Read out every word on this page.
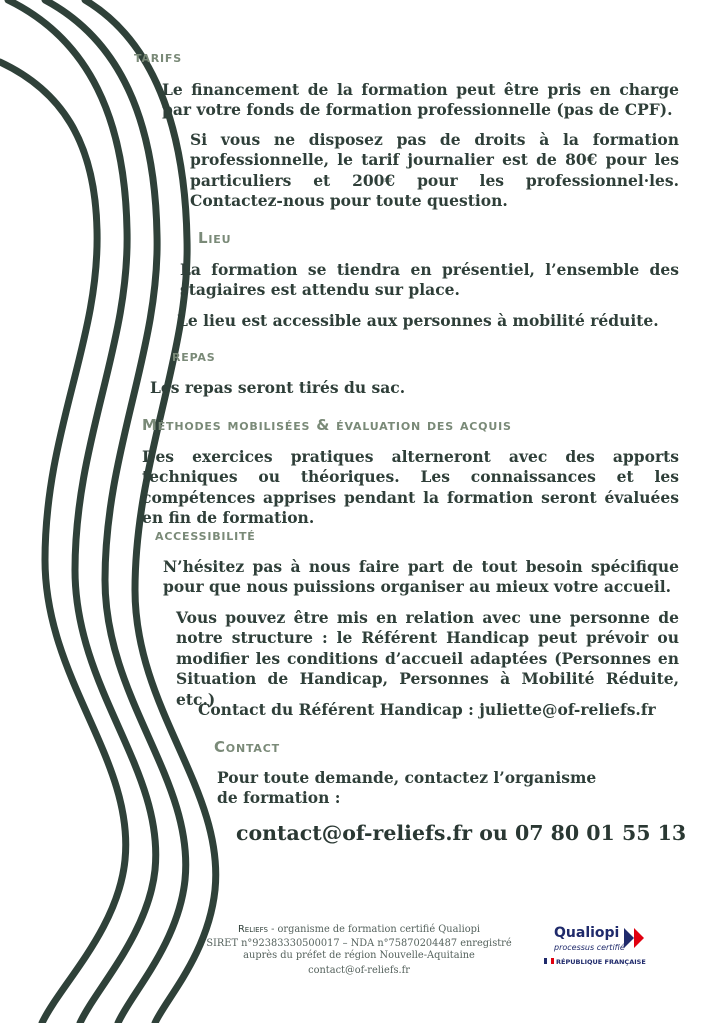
tarifs

Le financement de la formation peut être pris en charge par votre fonds de formation professionnelle (pas de CPF).

Si vous ne disposez pas de droits à la formation professionnelle, le tarif journalier est de 80€ pour les particuliers et 200€ pour les professionnel·les. Contactez-nous pour toute question.

Lieu

La formation se tiendra en présentiel, l’ensemble des stagiaires est attendu sur place.

Le lieu est accessible aux personnes à mobilité réduite.

repas

Les repas seront tirés du sac.

Méthodes mobilisées & évaluation des acquis

Des exercices pratiques alterneront avec des apports techniques ou théoriques. Les connaissances et les compétences apprises pendant la formation seront évaluées en fin de formation.

accessibilité

N’hésitez pas à nous faire part de tout besoin spécifique pour que nous puissions organiser au mieux votre accueil.

Vous pouvez être mis en relation avec une personne de notre structure : le Référent Handicap peut prévoir ou modifier les conditions d’accueil adaptées (Personnes en Situation de Handicap, Personnes à Mobilité Réduite, etc.)

Contact du Référent Handicap : juliette@of-reliefs.fr

Contact

Pour toute demande, contactez l’organisme de formation :

contact@of-reliefs.fr ou 07 80 01 55 13

Reliefs - organisme de formation certifié Qualiopi
SIRET n°92383330500017 – NDA n°75870204487 enregistré auprès du préfet de région Nouvelle-Aquitaine
contact@of-reliefs.fr
Qualiopi
processus certifié
RÉPUBLIQUE FRANÇAISE
